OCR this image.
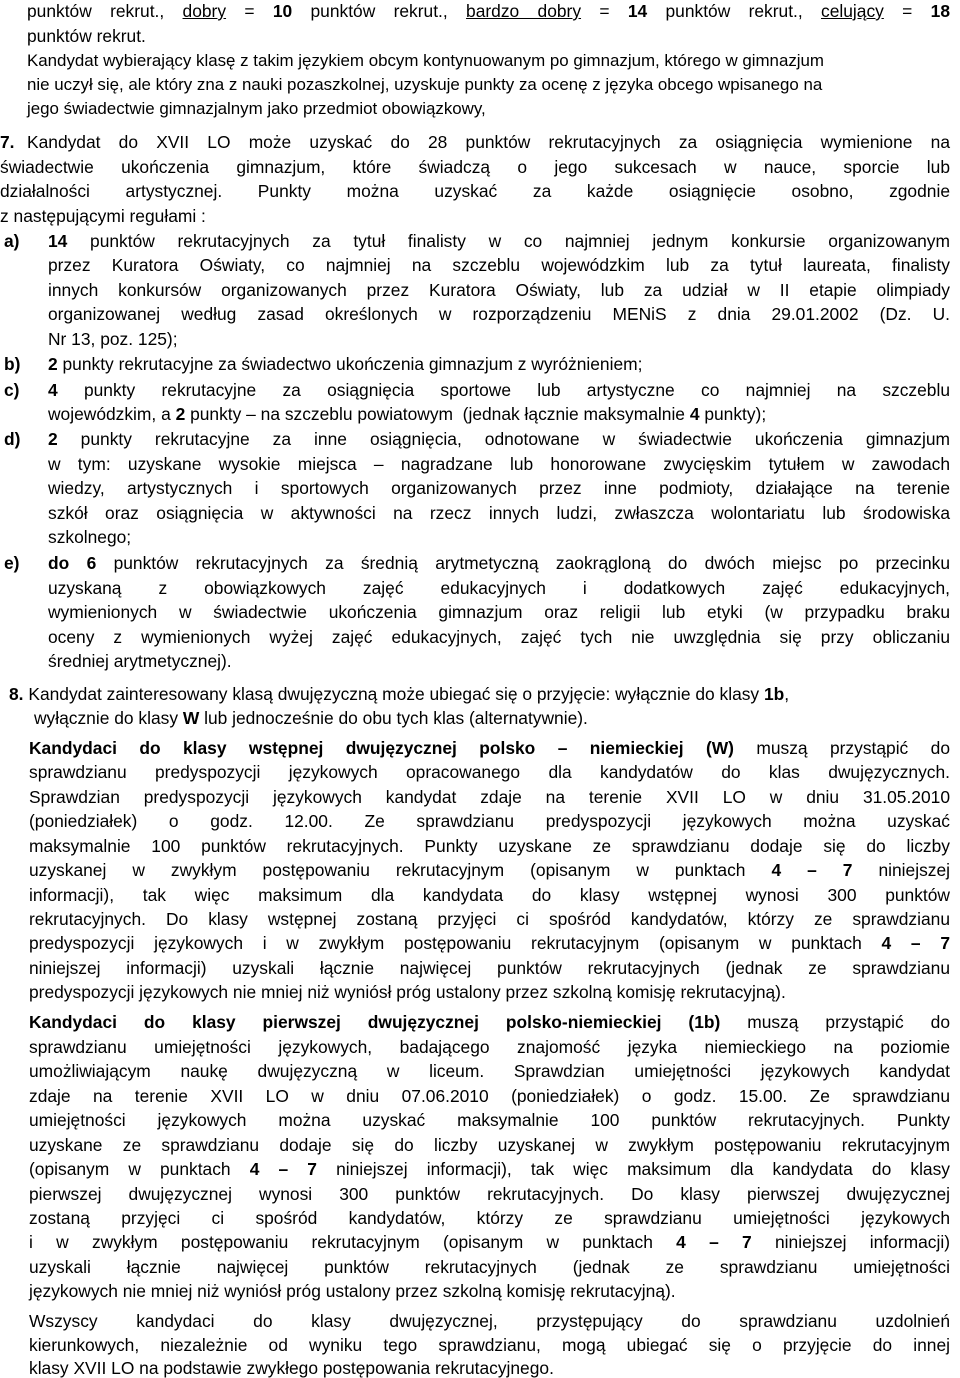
punktów rekrut., dobry = 10 punktów rekrut., bardzo dobry = 14 punktów rekrut., celujący = 18
punktów rekrut.
Kandydat wybierający klasę z takim językiem obcym kontynuowanym po gimnazjum, którego w gimnazjum
nie uczył się, ale który zna z nauki pozaszkolnej, uzyskuje punkty za ocenę z języka obcego wpisanego na
jego świadectwie gimnazjalnym jako przedmiot obowiązkowy,
7. Kandydat do XVII LO może uzyskać do 28 punktów rekrutacyjnych za osiągnięcia wymienione na
świadectwie ukończenia gimnazjum, które świadczą o jego sukcesach w nauce, sporcie lub
działalności artystycznej. Punkty można uzyskać za każde osiągnięcie osobno, zgodnie
z następującymi regułami :
a) 14 punktów rekrutacyjnych za tytuł finalisty w co najmniej jednym konkursie organizowanym
przez Kuratora Oświaty, co najmniej na szczeblu wojewódzkim lub za tytuł laureata, finalisty
innych konkursów organizowanych przez Kuratora Oświaty, lub za udział w II etapie olimpiady
organizowanej według zasad określonych w rozporządzeniu MENiS z dnia 29.01.2002 (Dz. U.
Nr 13, poz. 125);
b) 2 punkty rekrutacyjne za świadectwo ukończenia gimnazjum z wyróżnieniem;
c) 4 punkty rekrutacyjne za osiągnięcia sportowe lub artystyczne co najmniej na szczeblu
wojewódzkim, a 2 punkty – na szczeblu powiatowym  (jednak łącznie maksymalnie 4 punkty);
d) 2 punkty rekrutacyjne za inne osiągnięcia, odnotowane w świadectwie ukończenia gimnazjum
w tym: uzyskane wysokie miejsca – nagradzane lub honorowane zwycięskim tytułem w zawodach
wiedzy, artystycznych i sportowych organizowanych przez inne podmioty, działające na terenie
szkół oraz osiągnięcia w aktywności na rzecz innych ludzi, zwłaszcza wolontariatu lub środowiska
szkolnego;
e) do 6 punktów rekrutacyjnych za średnią arytmetyczną zaokrągloną do dwóch miejsc po przecinku
uzyskaną z obowiązkowych zajęć edukacyjnych i dodatkowych zajęć edukacyjnych,
wymienionych w świadectwie ukończenia gimnazjum oraz religii lub etyki (w przypadku braku
oceny z wymienionych wyżej zajęć edukacyjnych, zajęć tych nie uwzględnia się przy obliczaniu
średniej arytmetycznej).
8. Kandydat zainteresowany klasą dwujęzyczną może ubiegać się o przyjęcie: wyłącznie do klasy 1b,
wyłącznie do klasy W lub jednocześnie do obu tych klas (alternatywnie).
Kandydaci do klasy wstępnej dwujęzycznej polsko – niemieckiej (W) muszą przystąpić do
sprawdzianu predyspozycji językowych opracowanego dla kandydatów do klas dwujęzycznych.
Sprawdzian predyspozycji językowych kandydat zdaje na terenie XVII LO w dniu 31.05.2010
(poniedziałek) o godz. 12.00. Ze sprawdzianu predyspozycji językowych można uzyskać
maksymalnie 100 punktów rekrutacyjnych. Punkty uzyskane ze sprawdzianu dodaje się do liczby
uzyskanej w zwykłym postępowaniu rekrutacyjnym (opisanym w punktach 4 – 7 niniejszej
informacji), tak więc maksimum dla kandydata do klasy wstępnej wynosi 300 punktów
rekrutacyjnych. Do klasy wstępnej zostaną przyjęci ci spośród kandydatów, którzy ze sprawdzianu
predyspozycji językowych i w zwykłym postępowaniu rekrutacyjnym (opisanym w punktach 4 – 7
niniejszej informacji) uzyskali łącznie najwięcej punktów rekrutacyjnych (jednak ze sprawdzianu
predyspozycji językowych nie mniej niż wyniósł próg ustalony przez szkolną komisję rekrutacyjną).
Kandydaci do klasy pierwszej dwujęzycznej polsko-niemieckiej (1b) muszą przystąpić do
sprawdzianu umiejętności językowych, badającego znajomość języka niemieckiego na poziomie
umożliwiającym naukę dwujęzyczną w liceum. Sprawdzian umiejętności językowych kandydat
zdaje na terenie XVII LO w dniu 07.06.2010 (poniedziałek) o godz. 15.00. Ze sprawdzianu
umiejętności językowych można uzyskać maksymalnie 100 punktów rekrutacyjnych. Punkty
uzyskane ze sprawdzianu dodaje się do liczby uzyskanej w zwykłym postępowaniu rekrutacyjnym
(opisanym w punktach 4 – 7 niniejszej informacji), tak więc maksimum dla kandydata do klasy
pierwszej dwujęzycznej wynosi 300 punktów rekrutacyjnych. Do klasy pierwszej dwujęzycznej
zostaną przyjęci ci spośród kandydatów, którzy ze sprawdzianu umiejętności językowych
i w zwykłym postępowaniu rekrutacyjnym (opisanym w punktach 4 – 7 niniejszej informacji)
uzyskali łącznie najwięcej punktów rekrutacyjnych (jednak ze sprawdzianu umiejętności
językowych nie mniej niż wyniósł próg ustalony przez szkolną komisję rekrutacyjną).
Wszyscy kandydaci do klasy dwujęzycznej, przystępujący do sprawdzianu uzdolnień
kierunkowych, niezależnie od wyniku tego sprawdzianu, mogą ubiegać się o przyjęcie do innej
klasy XVII LO na podstawie zwykłego postępowania rekrutacyjnego.
